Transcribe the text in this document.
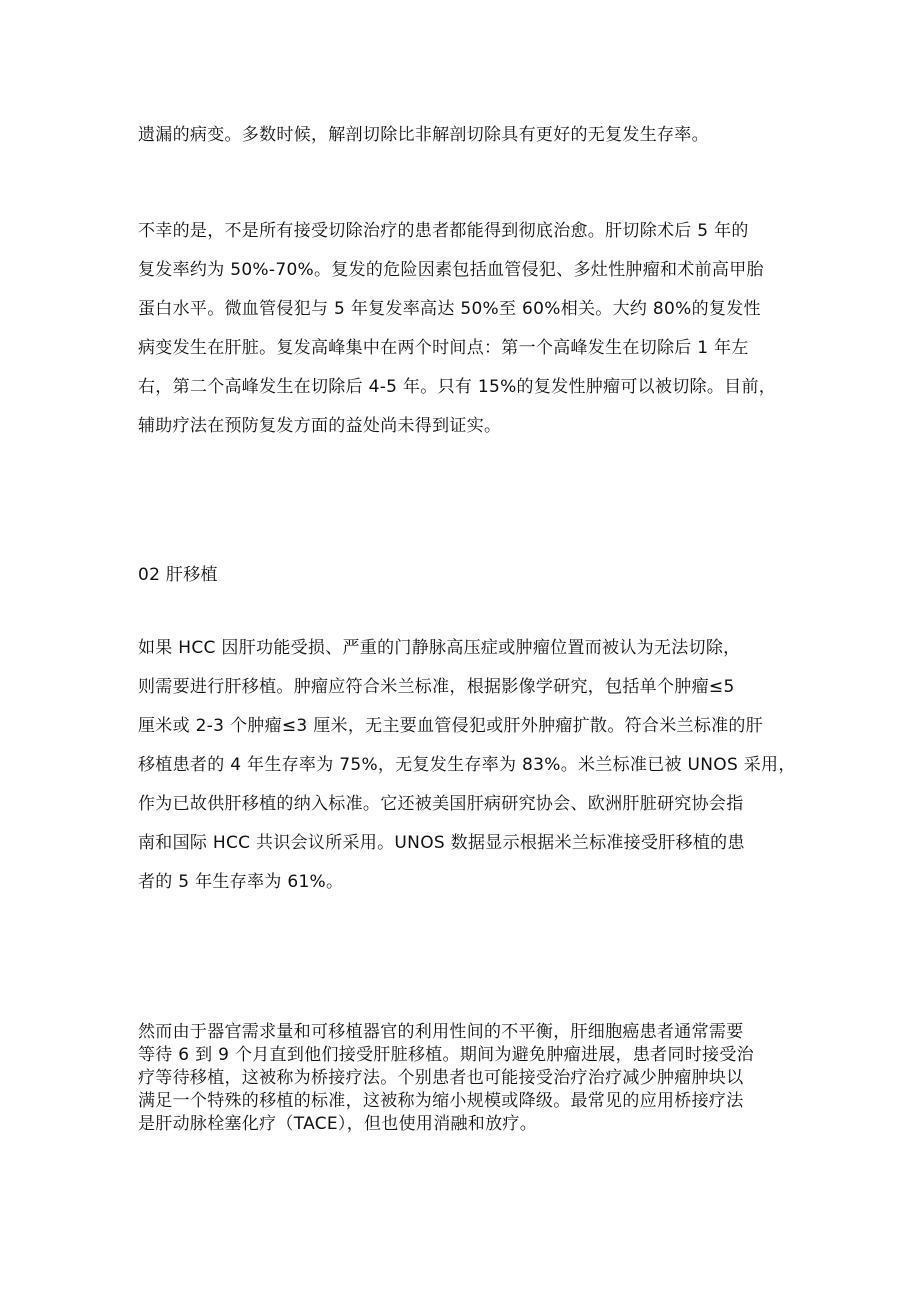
遗漏的病变。多数时候，解剖切除比非解剖切除具有更好的无复发生存率。

不幸的是，不是所有接受切除治疗的患者都能得到彻底治愈。肝切除术后 5 年的
复发率约为 50%-70%。复发的危险因素包括血管侵犯、多灶性肿瘤和术前高甲胎
蛋白水平。微血管侵犯与 5 年复发率高达 50%至 60%相关。大约 80%的复发性
病变发生在肝脏。复发高峰集中在两个时间点：第一个高峰发生在切除后 1 年左
右，第二个高峰发生在切除后 4-5 年。只有 15%的复发性肿瘤可以被切除。目前，
辅助疗法在预防复发方面的益处尚未得到证实。

02 肝移植

如果 HCC 因肝功能受损、严重的门静脉高压症或肿瘤位置而被认为无法切除，
则需要进行肝移植。肿瘤应符合米兰标准，根据影像学研究，包括单个肿瘤≤5
厘米或 2-3 个肿瘤≤3 厘米，无主要血管侵犯或肝外肿瘤扩散。符合米兰标准的肝
移植患者的 4 年生存率为 75%，无复发生存率为 83%。米兰标准已被 UNOS 采用，
作为已故供肝移植的纳入标准。它还被美国肝病研究协会、欧洲肝脏研究协会指
南和国际 HCC 共识会议所采用。UNOS 数据显示根据米兰标准接受肝移植的患
者的 5 年生存率为 61%。

然而由于器官需求量和可移植器官的利用性间的不平衡，肝细胞癌患者通常需要
等待 6 到 9 个月直到他们接受肝脏移植。期间为避免肿瘤进展，患者同时接受治
疗等待移植，这被称为桥接疗法。个别患者也可能接受治疗治疗减少肿瘤肿块以
满足一个特殊的移植的标准，这被称为缩小规模或降级。最常见的应用桥接疗法
是肝动脉栓塞化疗（TACE），但也使用消融和放疗。
